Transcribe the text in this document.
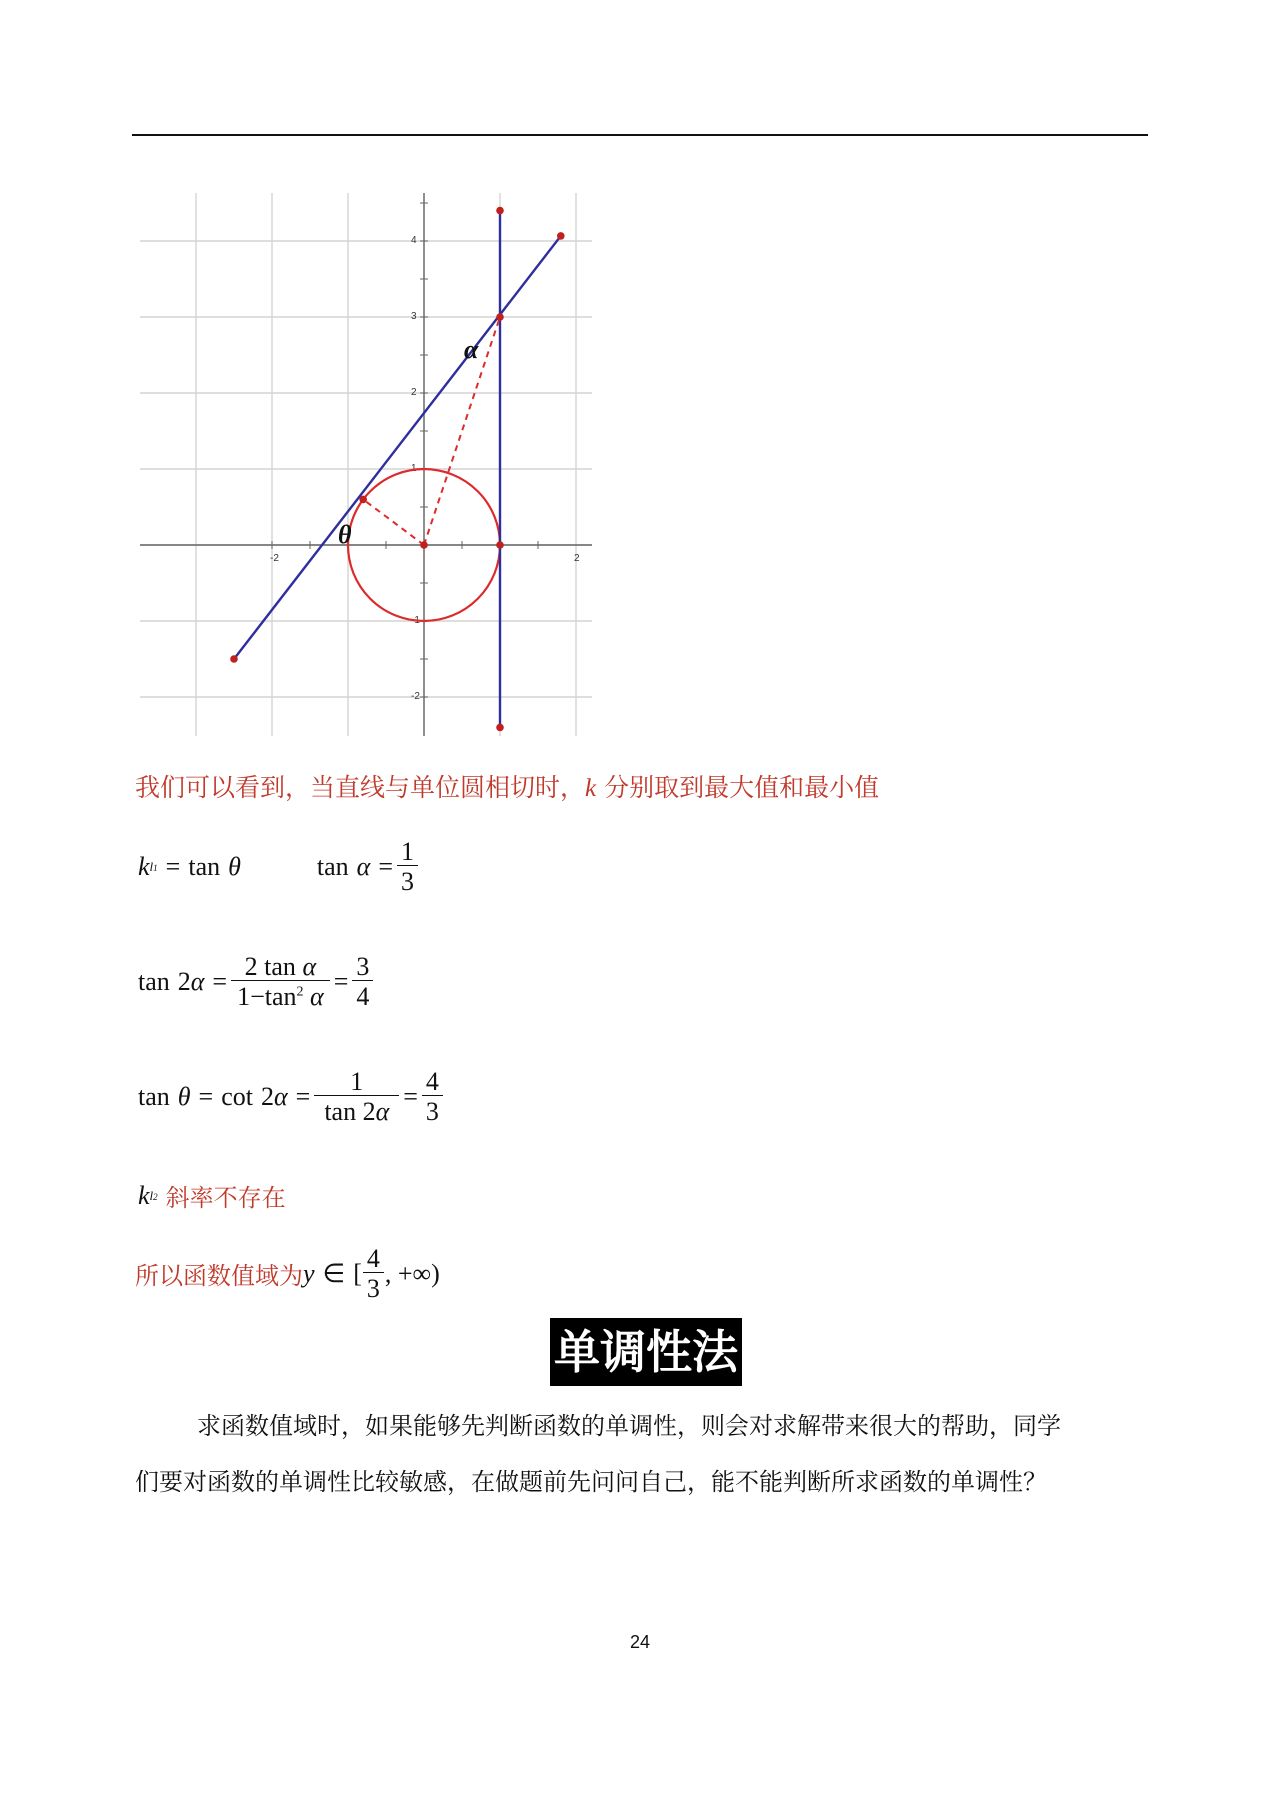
-2	2
4
3
2
1
-1
-2
α
θ
我们可以看到，当直线与单位圆相切时，k 分别取到最大值和最小值
k l1 = tan θ	$\tan \alpha = \frac{1}{3}$
tan 2 $\alpha = \frac{\text{2 tan α}}{1-\tan^2 \alpha} = \frac{3}{4}$
tan θ = cot 2 $\alpha = \frac{1}{\tan 2\alpha} = \frac{4}{3}$
k l2 斜率不存在
所以函数值域为 y ∈ [ $\frac{4}{3}$ , +∞)
单调性法
求函数值域时，如果能够先判断函数的单调性，则会对求解带来很大的帮助，同学
们要对函数的单调性比较敏感，在做题前先问问自己，能不能判断所求函数的单调性？
24
